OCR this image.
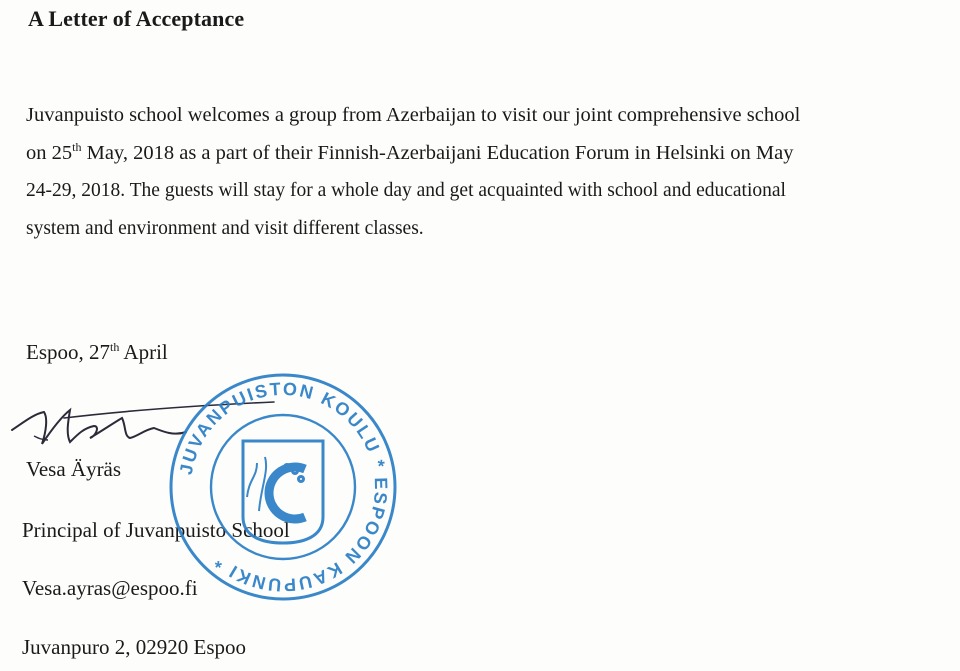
A Letter of Acceptance
Juvanpuisto school welcomes a group from Azerbaijan to visit our joint comprehensive school
on 25th May, 2018 as a part of their Finnish-Azerbaijani Education Forum in Helsinki on May
24-29, 2018. The guests will stay for a whole day and get acquainted with school and educational
system and environment and visit different classes.
Espoo, 27th April
Vesa Äyräs
Principal of Juvanpuisto School
Vesa.ayras@espoo.fi
Juvanpuro 2, 02920 Espoo
JUVANPUISTON KOULU * ESPOON KAUPUNKI *
